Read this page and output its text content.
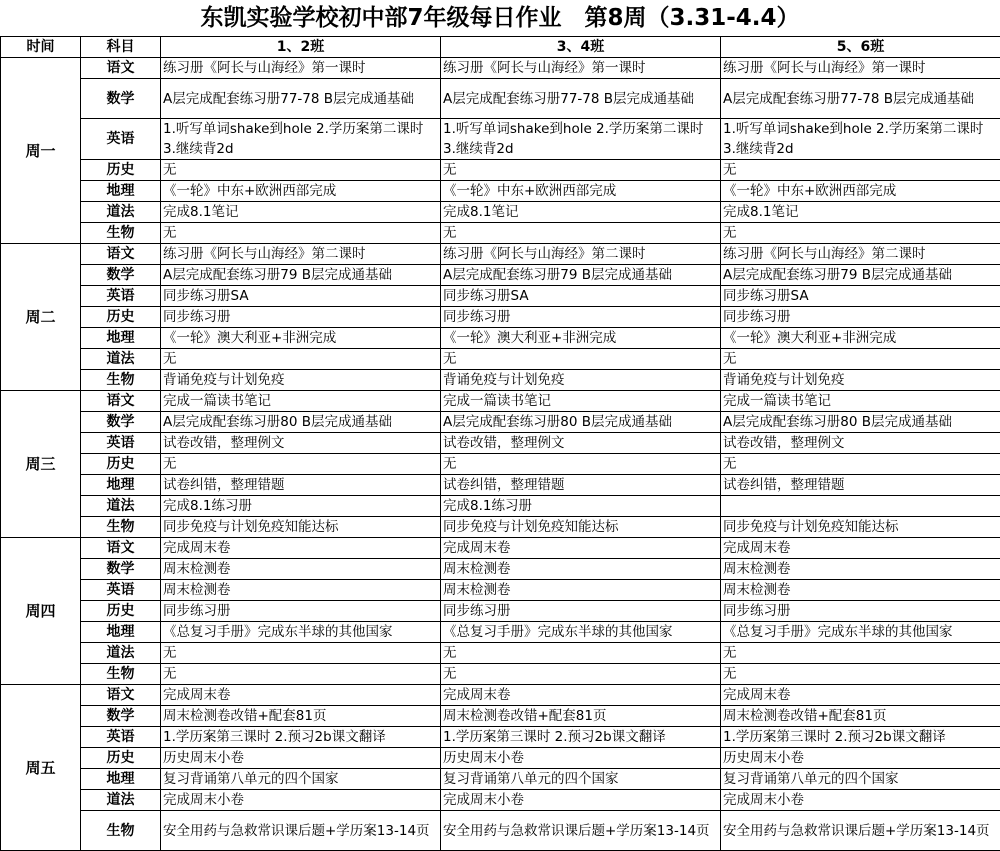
东凯实验学校初中部7年级每日作业　第8周（3.31-4.4）
时间	科目	1、2班	3、4班	5、6班
周一	语文	练习册《阿长与山海经》第一课时	练习册《阿长与山海经》第一课时	练习册《阿长与山海经》第一课时
	数学	A层完成配套练习册77-78 B层完成通基础	A层完成配套练习册77-78 B层完成通基础	A层完成配套练习册77-78 B层完成通基础
	英语	1.听写单词shake到hole 2.学历案第二课时 3.继续背2d	1.听写单词shake到hole 2.学历案第二课时 3.继续背2d	1.听写单词shake到hole 2.学历案第二课时 3.继续背2d
	历史	无	无	无
	地理	《一轮》中东+欧洲西部完成	《一轮》中东+欧洲西部完成	《一轮》中东+欧洲西部完成
	道法	完成8.1笔记	完成8.1笔记	完成8.1笔记
	生物	无	无	无
周二	语文	练习册《阿长与山海经》第二课时	练习册《阿长与山海经》第二课时	练习册《阿长与山海经》第二课时
	数学	A层完成配套练习册79 B层完成通基础	A层完成配套练习册79 B层完成通基础	A层完成配套练习册79 B层完成通基础
	英语	同步练习册SA	同步练习册SA	同步练习册SA
	历史	同步练习册	同步练习册	同步练习册
	地理	《一轮》澳大利亚+非洲完成	《一轮》澳大利亚+非洲完成	《一轮》澳大利亚+非洲完成
	道法	无	无	无
	生物	背诵免疫与计划免疫	背诵免疫与计划免疫	背诵免疫与计划免疫
周三	语文	完成一篇读书笔记	完成一篇读书笔记	完成一篇读书笔记
	数学	A层完成配套练习册80 B层完成通基础	A层完成配套练习册80 B层完成通基础	A层完成配套练习册80 B层完成通基础
	英语	试卷改错，整理例文	试卷改错，整理例文	试卷改错，整理例文
	历史	无	无	无
	地理	试卷纠错，整理错题	试卷纠错，整理错题	试卷纠错，整理错题
	道法	完成8.1练习册	完成8.1练习册	
	生物	同步免疫与计划免疫知能达标	同步免疫与计划免疫知能达标	同步免疫与计划免疫知能达标
周四	语文	完成周末卷	完成周末卷	完成周末卷
	数学	周末检测卷	周末检测卷	周末检测卷
	英语	周末检测卷	周末检测卷	周末检测卷
	历史	同步练习册	同步练习册	同步练习册
	地理	《总复习手册》完成东半球的其他国家	《总复习手册》完成东半球的其他国家	《总复习手册》完成东半球的其他国家
	道法	无	无	无
	生物	无	无	无
周五	语文	完成周末卷	完成周末卷	完成周末卷
	数学	周末检测卷改错+配套81页	周末检测卷改错+配套81页	周末检测卷改错+配套81页
	英语	1.学历案第三课时 2.预习2b课文翻译	1.学历案第三课时 2.预习2b课文翻译	1.学历案第三课时 2.预习2b课文翻译
	历史	历史周末小卷	历史周末小卷	历史周末小卷
	地理	复习背诵第八单元的四个国家	复习背诵第八单元的四个国家	复习背诵第八单元的四个国家
	道法	完成周末小卷	完成周末小卷	完成周末小卷
	生物	安全用药与急救常识课后题+学历案13-14页	安全用药与急救常识课后题+学历案13-14页	安全用药与急救常识课后题+学历案13-14页
